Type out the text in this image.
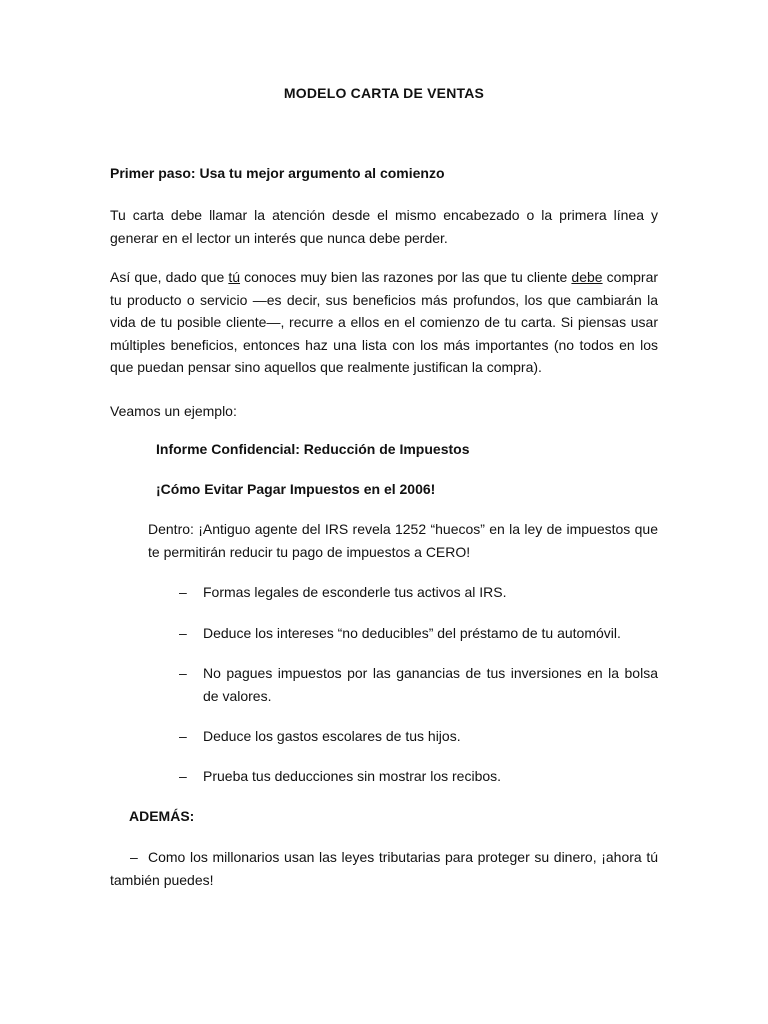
MODELO CARTA DE VENTAS
Primer paso: Usa tu mejor argumento al comienzo
Tu carta debe llamar la atención desde el mismo encabezado o la primera línea y generar en el lector un interés que nunca debe perder.
Así que, dado que tú conoces muy bien las razones por las que tu cliente debe comprar tu producto o servicio —es decir, sus beneficios más profundos, los que cambiarán la vida de tu posible cliente—, recurre a ellos en el comienzo de tu carta. Si piensas usar múltiples beneficios, entonces haz una lista con los más importantes (no todos en los que puedan pensar sino aquellos que realmente justifican la compra).
Veamos un ejemplo:
Informe Confidencial: Reducción de Impuestos
¡Cómo Evitar Pagar Impuestos en el 2006!
Dentro: ¡Antiguo agente del IRS revela 1252 “huecos” en la ley de impuestos que te permitirán reducir tu pago de impuestos a CERO!
–	Formas legales de esconderle tus activos al IRS.
–	Deduce los intereses “no deducibles” del préstamo de tu automóvil.
–	No pagues impuestos por las ganancias de tus inversiones en la bolsa de valores.
–	Deduce los gastos escolares de tus hijos.
–	Prueba tus deducciones sin mostrar los recibos.
ADEMÁS:
– Como los millonarios usan las leyes tributarias para proteger su dinero, ¡ahora tú también puedes!
